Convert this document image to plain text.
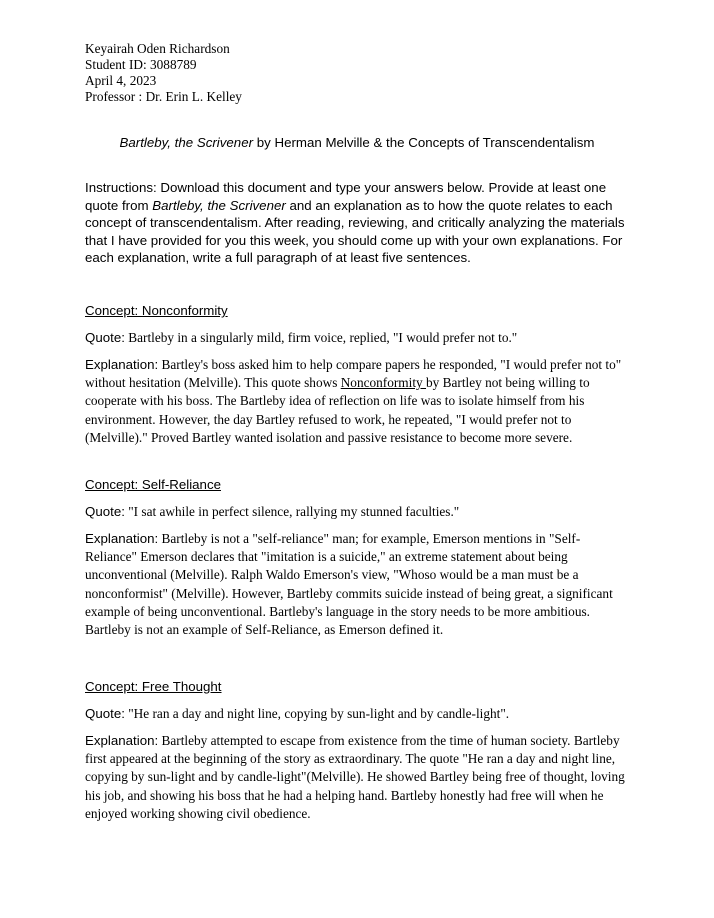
Keyairah Oden Richardson
Student ID: 3088789
April 4, 2023
Professor : Dr. Erin L. Kelley
Bartleby, the Scrivener by Herman Melville & the Concepts of Transcendentalism
Instructions: Download this document and type your answers below. Provide at least one quote from Bartleby, the Scrivener and an explanation as to how the quote relates to each concept of transcendentalism. After reading, reviewing, and critically analyzing the materials that I have provided for you this week, you should come up with your own explanations. For each explanation, write a full paragraph of at least five sentences.
Concept: Nonconformity
Quote: Bartleby in a singularly mild, firm voice, replied, "I would prefer not to."
Explanation: Bartley's boss asked him to help compare papers he responded, "I would prefer not to" without hesitation (Melville). This quote shows Nonconformity by Bartley not being willing to cooperate with his boss. The Bartleby idea of reflection on life was to isolate himself from his environment. However, the day Bartley refused to work, he repeated, "I would prefer not to (Melville)." Proved Bartley wanted isolation and passive resistance to become more severe.
Concept: Self-Reliance
Quote: "I sat awhile in perfect silence, rallying my stunned faculties."
Explanation: Bartleby is not a "self-reliance" man; for example, Emerson mentions in "Self-Reliance" Emerson declares that "imitation is a suicide," an extreme statement about being unconventional (Melville). Ralph Waldo Emerson's view, "Whoso would be a man must be a nonconformist" (Melville). However, Bartleby commits suicide instead of being great, a significant example of being unconventional. Bartleby's language in the story needs to be more ambitious. Bartleby is not an example of Self-Reliance, as Emerson defined it.
Concept: Free Thought
Quote: "He ran a day and night line, copying by sun-light and by candle-light".
Explanation: Bartleby attempted to escape from existence from the time of human society. Bartleby first appeared at the beginning of the story as extraordinary. The quote "He ran a day and night line, copying by sun-light and by candle-light"(Melville). He showed Bartley being free of thought, loving his job, and showing his boss that he had a helping hand. Bartleby honestly had free will when he enjoyed working showing civil obedience.
